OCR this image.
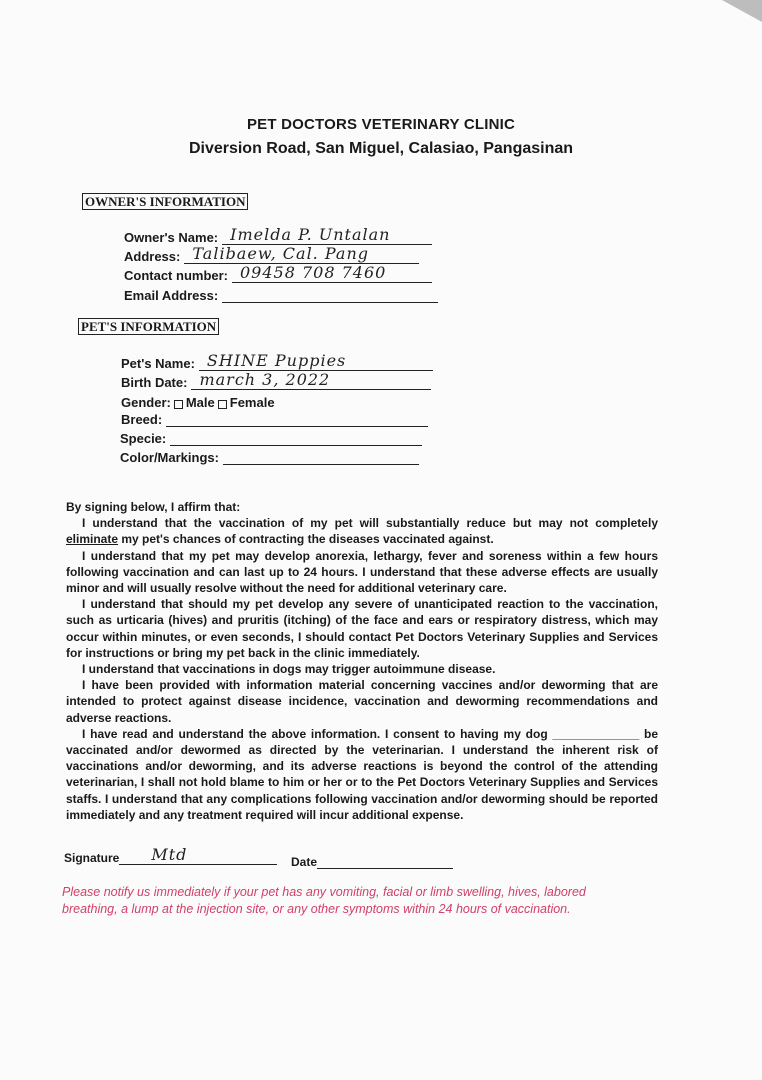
PET DOCTORS VETERINARY CLINIC
Diversion Road, San Miguel, Calasiao, Pangasinan
OWNER'S INFORMATION
Owner's Name: Imelda P. Untalan
Address: Talibaew, Cal. Pang
Contact number: 09458 708 7460
Email Address:
PET'S INFORMATION
Pet's Name: SHINE Puppies
Birth Date: march 3, 2022
Gender: Male Female
Breed:
Specie:
Color/Markings:

By signing below, I affirm that:

I understand that the vaccination of my pet will substantially reduce but may not completely eliminate my pet's chances of contracting the diseases vaccinated against.

I understand that my pet may develop anorexia, lethargy, fever and soreness within a few hours following vaccination and can last up to 24 hours. I understand that these adverse effects are usually minor and will usually resolve without the need for additional veterinary care.

I understand that should my pet develop any severe of unanticipated reaction to the vaccination, such as urticaria (hives) and pruritis (itching) of the face and ears or respiratory distress, which may occur within minutes, or even seconds, I should contact Pet Doctors Veterinary Supplies and Services for instructions or bring my pet back in the clinic immediately.

I understand that vaccinations in dogs may trigger autoimmune disease.

I have been provided with information material concerning vaccines and/or deworming that are intended to protect against disease incidence, vaccination and deworming recommendations and adverse reactions.

I have read and understand the above information. I consent to having my dog _____________ be vaccinated and/or dewormed as directed by the veterinarian. I understand the inherent risk of vaccinations and/or deworming, and its adverse reactions is beyond the control of the attending veterinarian, I shall not hold blame to him or her or to the Pet Doctors Veterinary Supplies and Services staffs. I understand that any complications following vaccination and/or deworming should be reported immediately and any treatment required will incur additional expense.

Signature Mtd	Date
Please notify us immediately if your pet has any vomiting, facial or limb swelling, hives, labored breathing, a lump at the injection site, or any other symptoms within 24 hours of vaccination.
